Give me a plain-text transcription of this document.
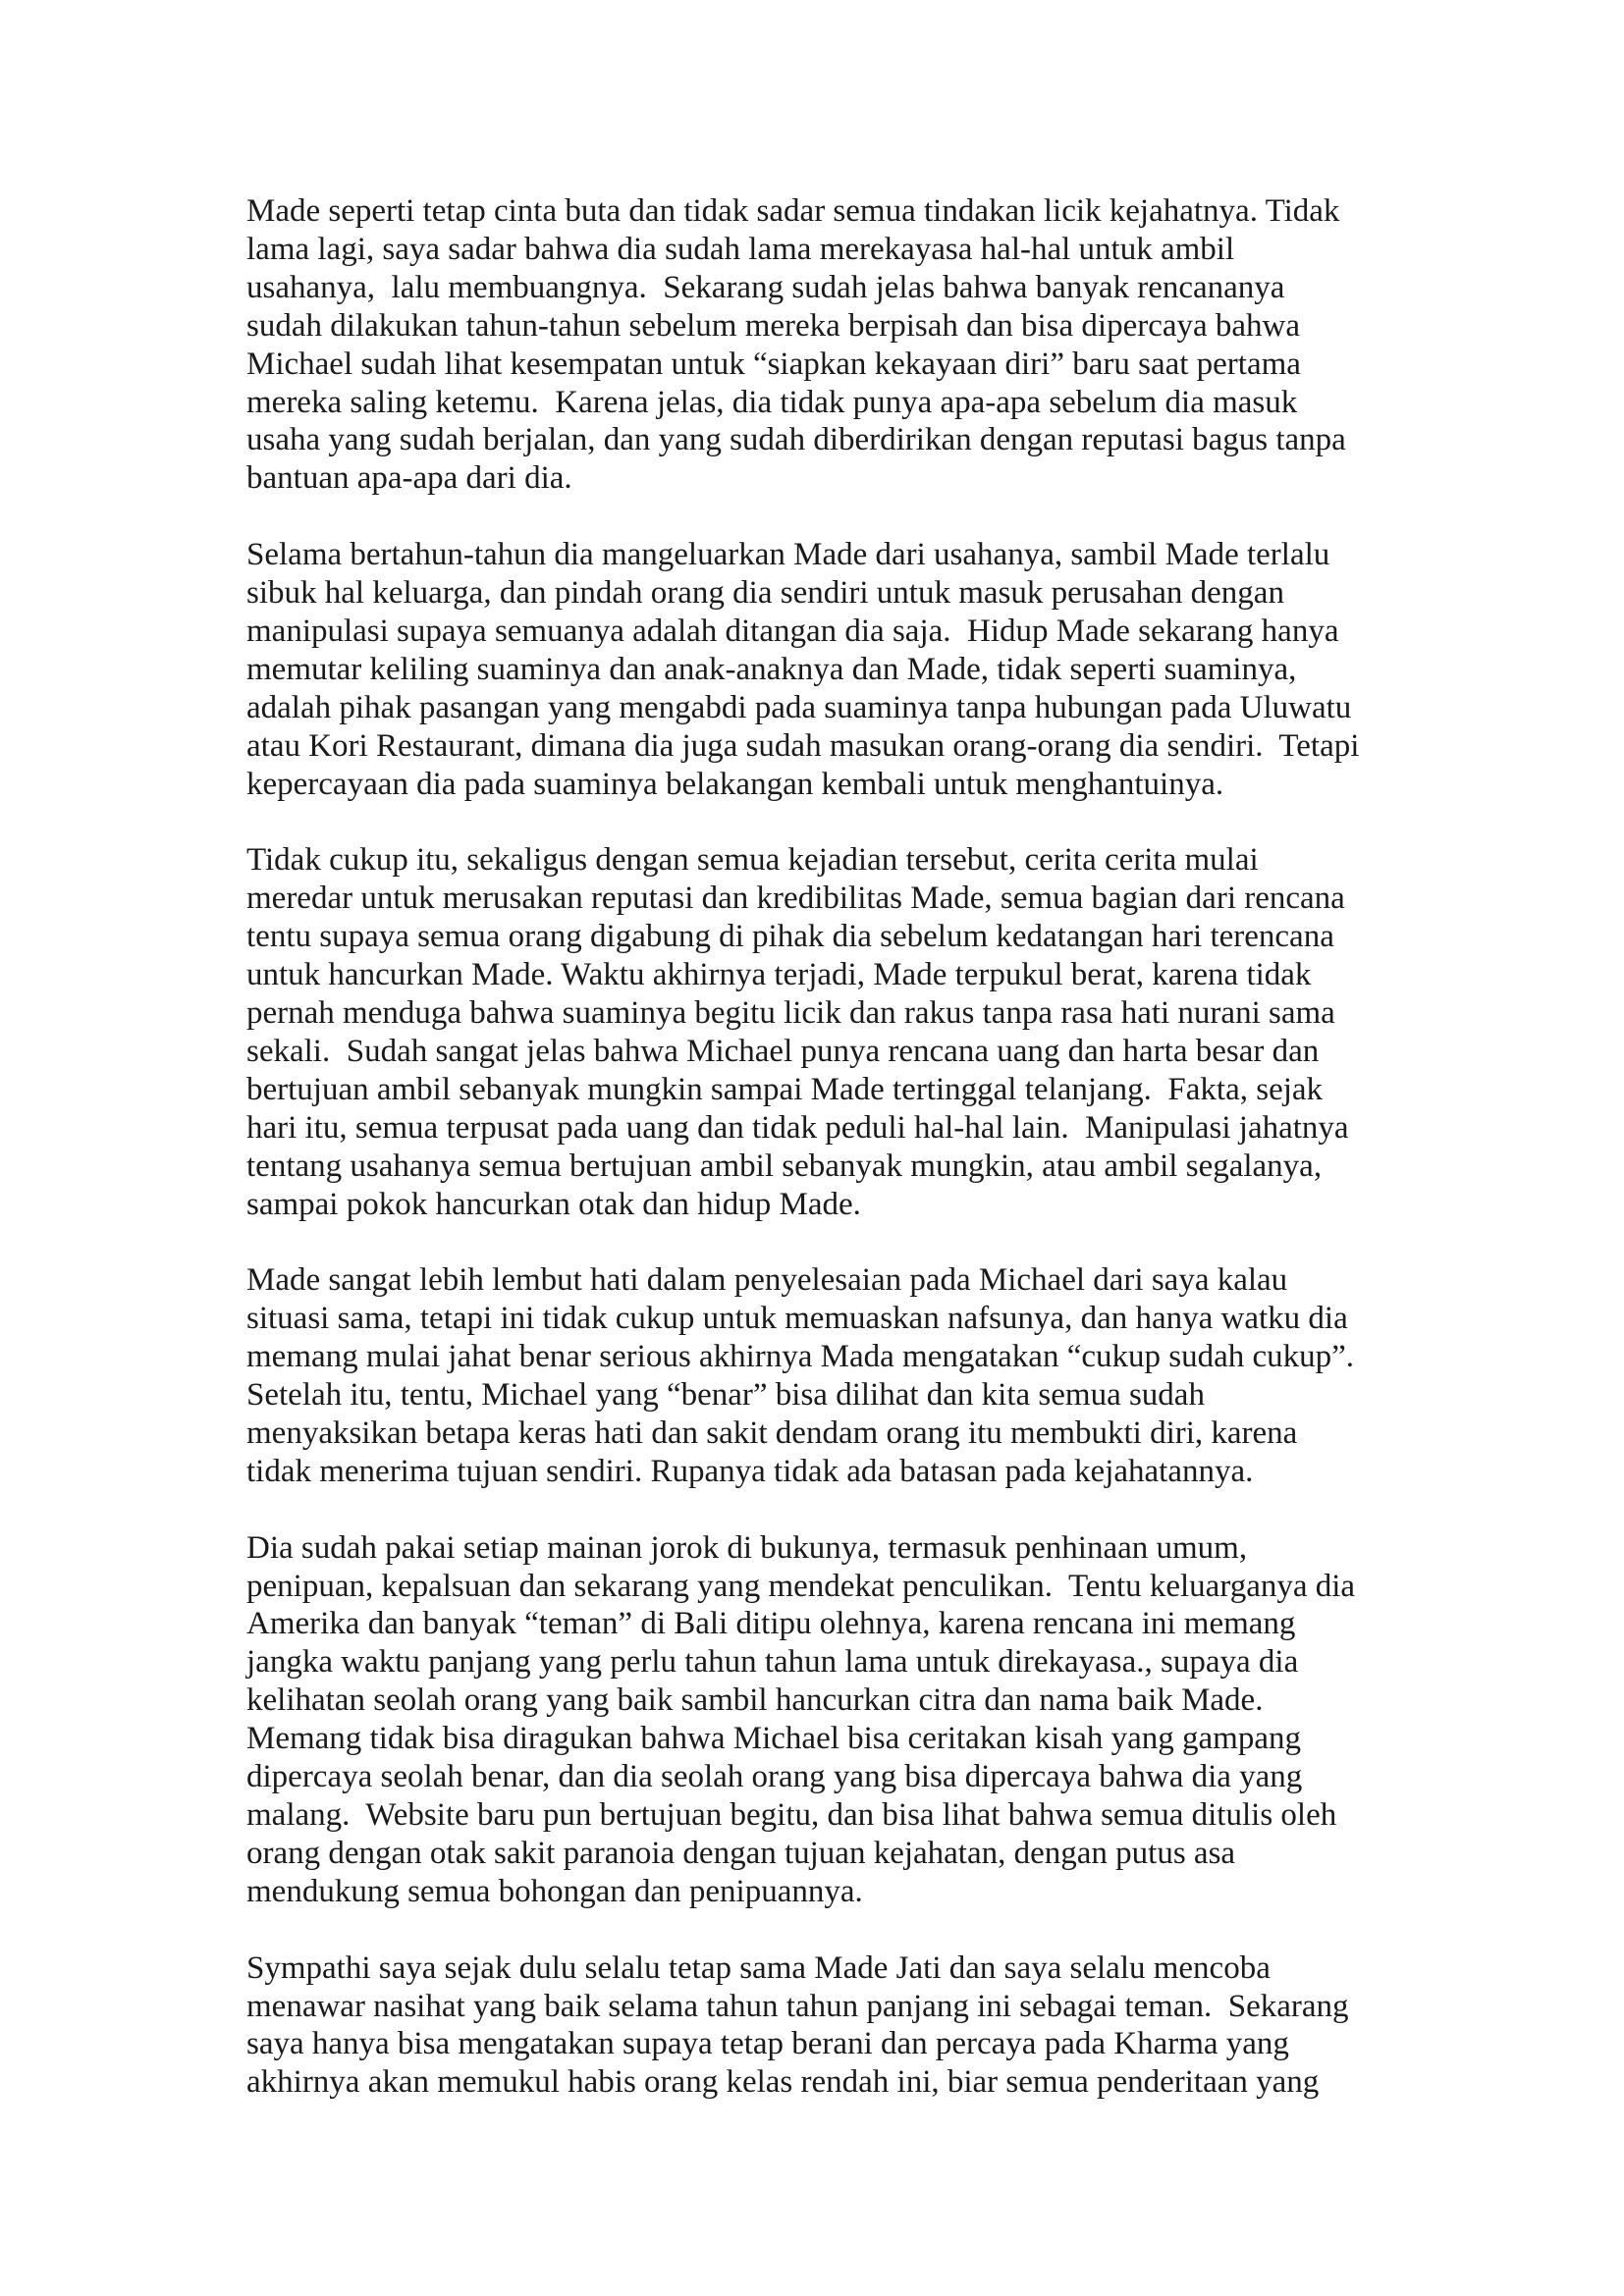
Made seperti tetap cinta buta dan tidak sadar semua tindakan licik kejahatnya. Tidak
lama lagi, saya sadar bahwa dia sudah lama merekayasa hal-hal untuk ambil
usahanya,  lalu membuangnya.  Sekarang sudah jelas bahwa banyak rencananya
sudah dilakukan tahun-tahun sebelum mereka berpisah dan bisa dipercaya bahwa
Michael sudah lihat kesempatan untuk “siapkan kekayaan diri” baru saat pertama
mereka saling ketemu.  Karena jelas, dia tidak punya apa-apa sebelum dia masuk
usaha yang sudah berjalan, dan yang sudah diberdirikan dengan reputasi bagus tanpa
bantuan apa-apa dari dia.

Selama bertahun-tahun dia mangeluarkan Made dari usahanya, sambil Made terlalu
sibuk hal keluarga, dan pindah orang dia sendiri untuk masuk perusahan dengan
manipulasi supaya semuanya adalah ditangan dia saja.  Hidup Made sekarang hanya
memutar keliling suaminya dan anak-anaknya dan Made, tidak seperti suaminya,
adalah pihak pasangan yang mengabdi pada suaminya tanpa hubungan pada Uluwatu
atau Kori Restaurant, dimana dia juga sudah masukan orang-orang dia sendiri.  Tetapi
kepercayaan dia pada suaminya belakangan kembali untuk menghantuinya.

Tidak cukup itu, sekaligus dengan semua kejadian tersebut, cerita cerita mulai
meredar untuk merusakan reputasi dan kredibilitas Made, semua bagian dari rencana
tentu supaya semua orang digabung di pihak dia sebelum kedatangan hari terencana
untuk hancurkan Made. Waktu akhirnya terjadi, Made terpukul berat, karena tidak
pernah menduga bahwa suaminya begitu licik dan rakus tanpa rasa hati nurani sama
sekali.  Sudah sangat jelas bahwa Michael punya rencana uang dan harta besar dan
bertujuan ambil sebanyak mungkin sampai Made tertinggal telanjang.  Fakta, sejak
hari itu, semua terpusat pada uang dan tidak peduli hal-hal lain.  Manipulasi jahatnya
tentang usahanya semua bertujuan ambil sebanyak mungkin, atau ambil segalanya,
sampai pokok hancurkan otak dan hidup Made.

Made sangat lebih lembut hati dalam penyelesaian pada Michael dari saya kalau
situasi sama, tetapi ini tidak cukup untuk memuaskan nafsunya, dan hanya watku dia
memang mulai jahat benar serious akhirnya Mada mengatakan “cukup sudah cukup”.
Setelah itu, tentu, Michael yang “benar” bisa dilihat dan kita semua sudah
menyaksikan betapa keras hati dan sakit dendam orang itu membukti diri, karena
tidak menerima tujuan sendiri. Rupanya tidak ada batasan pada kejahatannya.

Dia sudah pakai setiap mainan jorok di bukunya, termasuk penhinaan umum,
penipuan, kepalsuan dan sekarang yang mendekat penculikan.  Tentu keluarganya dia
Amerika dan banyak “teman” di Bali ditipu olehnya, karena rencana ini memang
jangka waktu panjang yang perlu tahun tahun lama untuk direkayasa., supaya dia
kelihatan seolah orang yang baik sambil hancurkan citra dan nama baik Made.
Memang tidak bisa diragukan bahwa Michael bisa ceritakan kisah yang gampang
dipercaya seolah benar, dan dia seolah orang yang bisa dipercaya bahwa dia yang
malang.  Website baru pun bertujuan begitu, dan bisa lihat bahwa semua ditulis oleh
orang dengan otak sakit paranoia dengan tujuan kejahatan, dengan putus asa
mendukung semua bohongan dan penipuannya.

Sympathi saya sejak dulu selalu tetap sama Made Jati dan saya selalu mencoba
menawar nasihat yang baik selama tahun tahun panjang ini sebagai teman.  Sekarang
saya hanya bisa mengatakan supaya tetap berani dan percaya pada Kharma yang
akhirnya akan memukul habis orang kelas rendah ini, biar semua penderitaan yang
